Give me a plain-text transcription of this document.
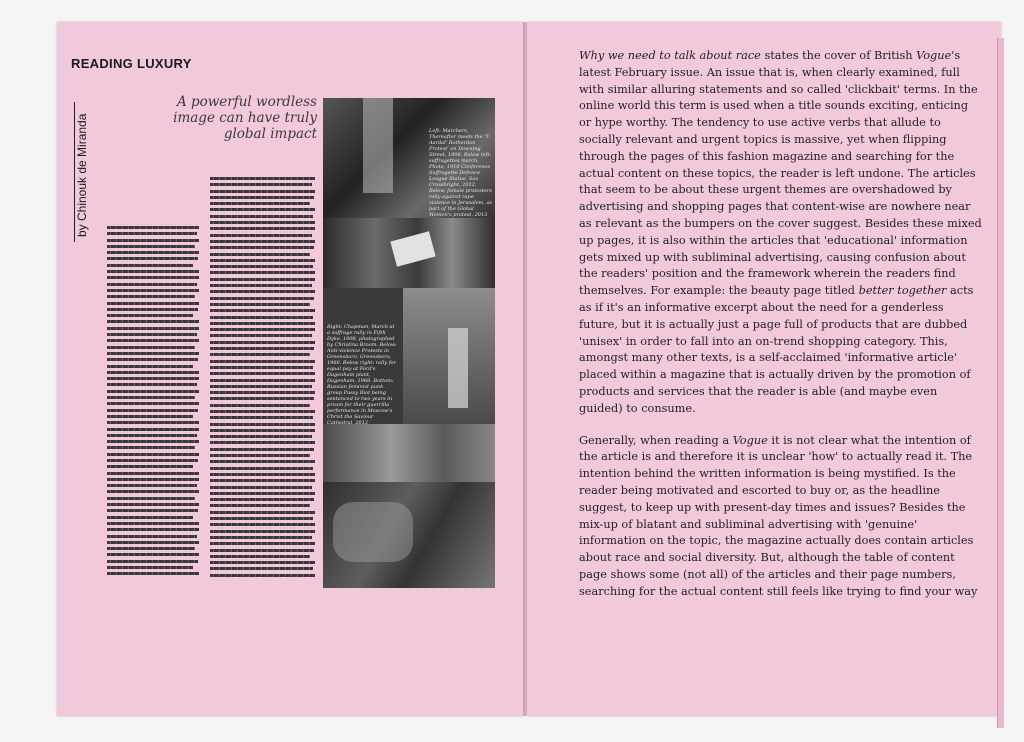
READING LUXURY
by Chinouk de Miranda
A powerful wordless image can have truly global impact	Left: Marchers, Thereafter meets the 'T-Aardal' Rotherdon Protest' on Downing Street, 1906. Below left: suffragettes march, Photo, 1910 Conference Suffragette Defence League Statue, Sax Crossbright, 2012. Below, female protesters rally against rape violence in Jerusalem, as part of the Global Women's protest, 2013
Right: Chapman, March at a suffrage rally in Fifth Dyke, 1908, photographed by Christina Broom. Below: Anti-violence Protests in Greensboro, Greensboro, 1960. Below right: rally for equal pay at Ford's Dagenham plant, Dagenham, 1968. Bottom: Russian feminist punk group Pussy Riot being sentenced to two years in prison for their guerrilla performance in Moscow's Christ the Saviour Cathedral, 2012

Why we need to talk about race states the cover of British Vogue's latest February issue. An issue that is, when clearly examined, full with similar alluring statements and so called 'clickbait' terms. In the online world this term is used when a title sounds exciting, enticing or hype worthy. The tendency to use active verbs that allude to socially relevant and urgent topics is massive, yet when flipping through the pages of this fashion magazine and searching for the actual content on these topics, the reader is left undone. The articles that seem to be about these urgent themes are overshadowed by advertising and shopping pages that content-wise are nowhere near as relevant as the bumpers on the cover suggest. Besides these mixed up pages, it is also within the articles that 'educational' information gets mixed up with subliminal advertising, causing confusion about the readers' position and the framework wherein the readers find themselves. For example: the beauty page titled better together acts as if it's an informative excerpt about the need for a genderless future, but it is actually just a page full of products that are dubbed 'unisex' in order to fall into an on-trend shopping category. This, amongst many other texts, is a self-acclaimed 'informative article' placed within a magazine that is actually driven by the promotion of products and services that the reader is able (and maybe even guided) to consume.

Generally, when reading a Vogue it is not clear what the intention of the article is and therefore it is unclear 'how' to actually read it. The intention behind the written information is being mystified. Is the reader being motivated and escorted to buy or, as the headline suggest, to keep up with present-day times and issues? Besides the mix-up of blatant and subliminal advertising with 'genuine' information on the topic, the magazine actually does contain articles about race and social diversity. But, although the table of content page shows some (not all) of the articles and their page numbers, searching for the actual content still feels like trying to find your way
